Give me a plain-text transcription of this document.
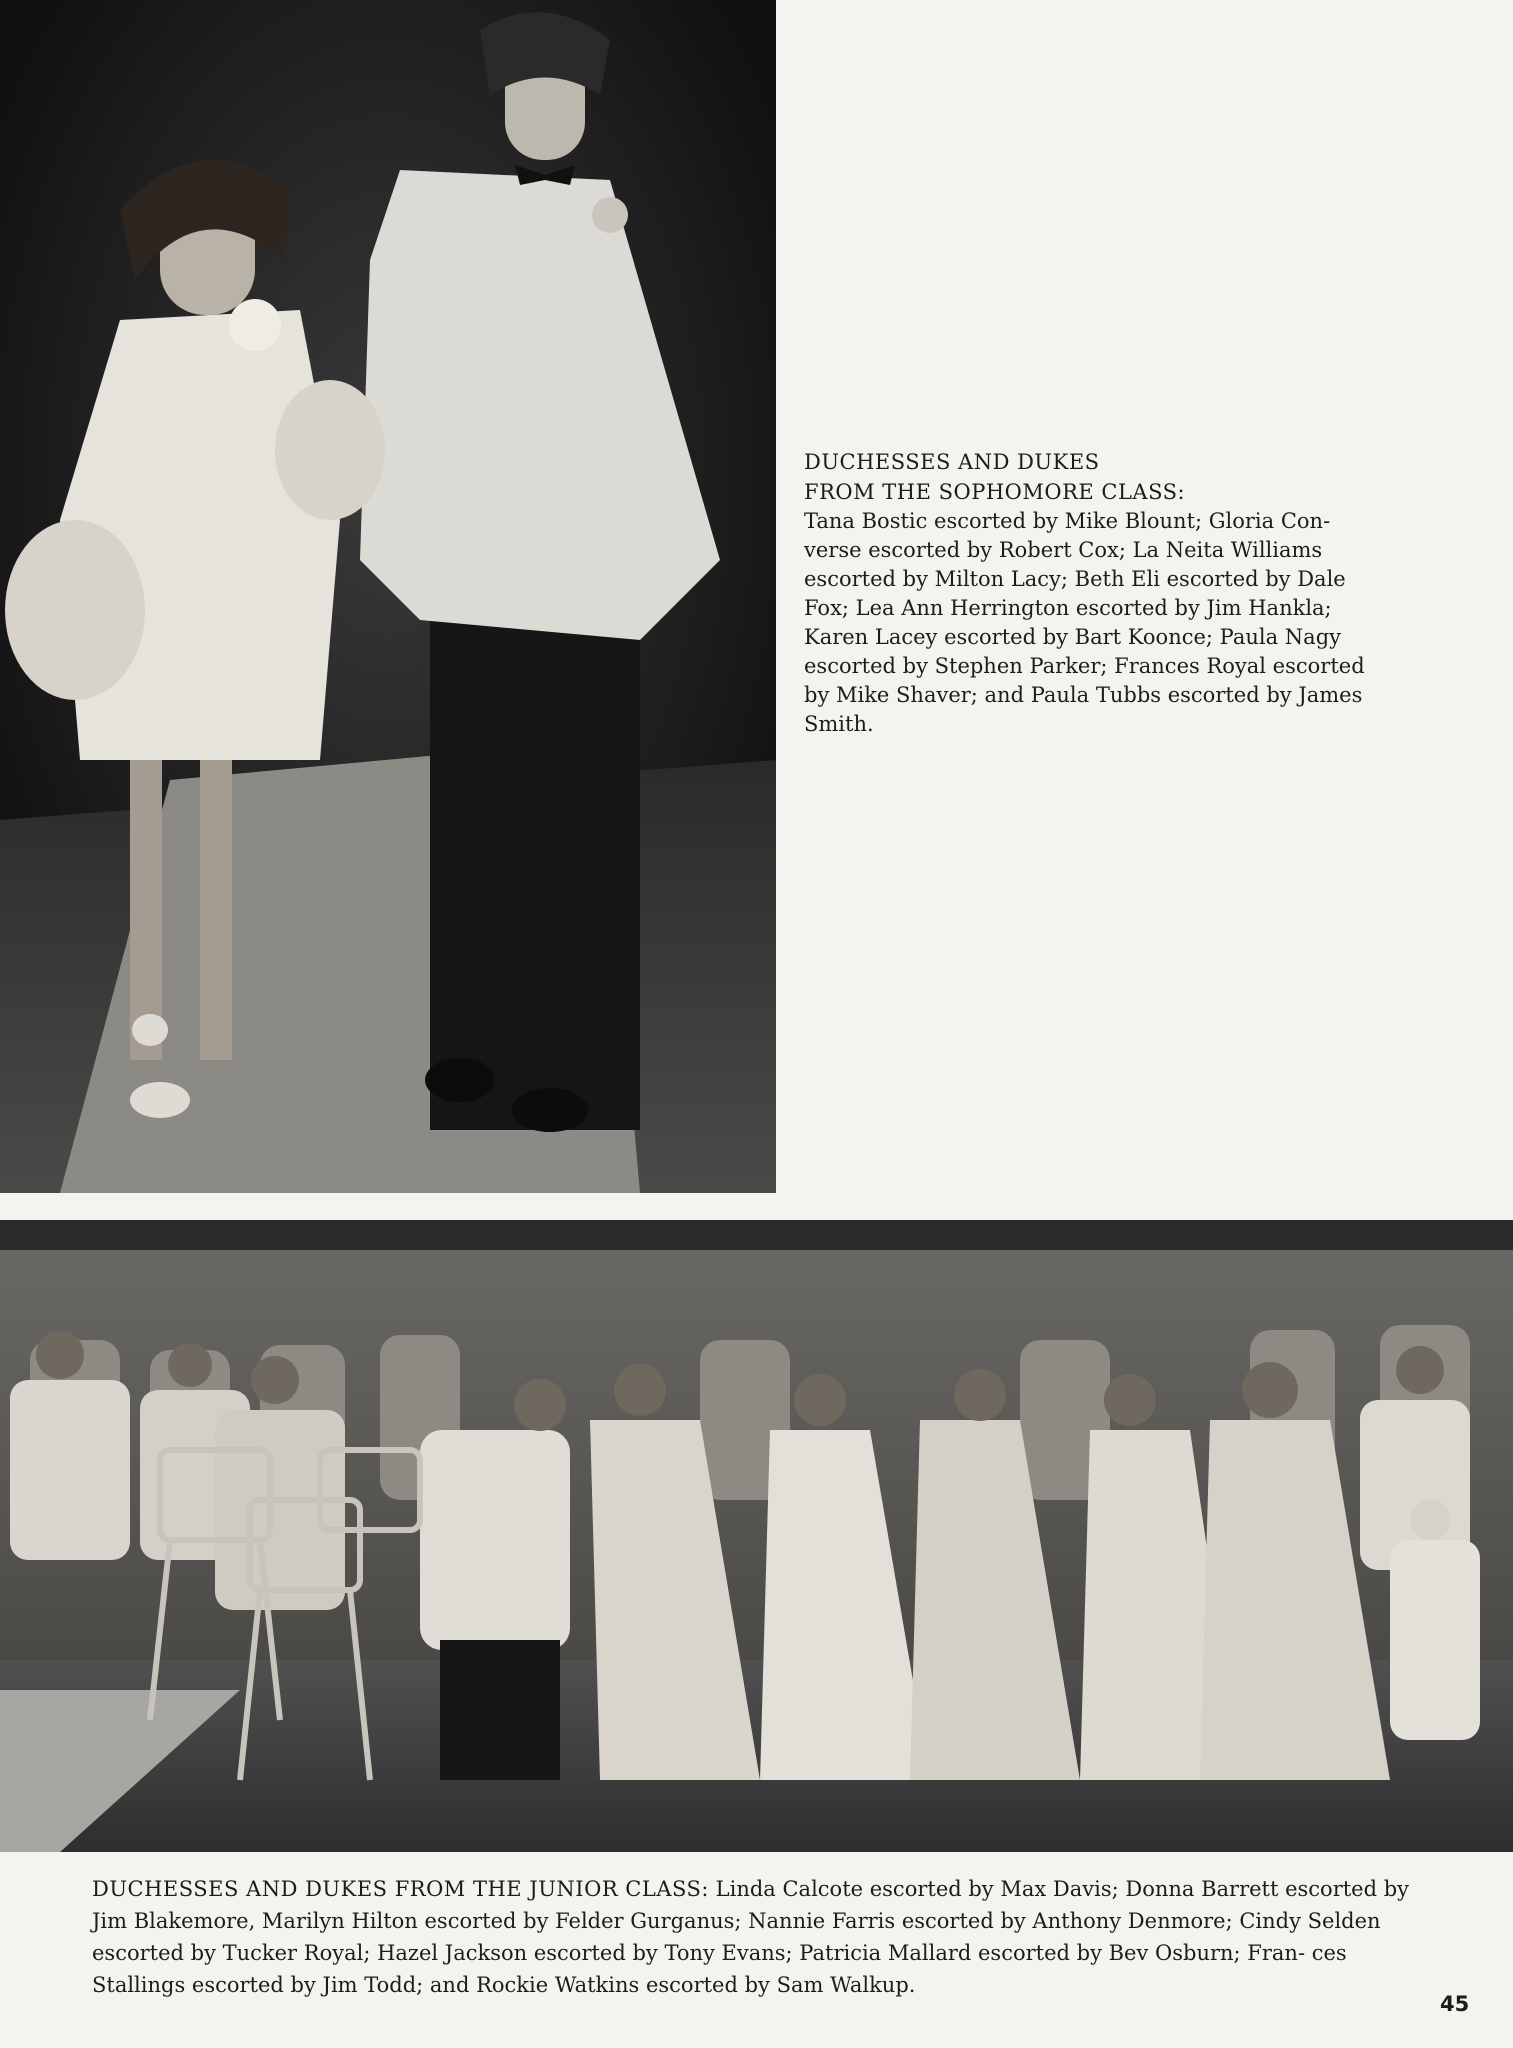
DUCHESSES AND DUKES

FROM THE SOPHOMORE CLASS:

Tana Bostic escorted by Mike Blount; Gloria Con- verse escorted by Robert Cox; La Neita Williams escorted by Milton Lacy; Beth Eli escorted by Dale Fox; Lea Ann Herrington escorted by Jim Hankla; Karen Lacey escorted by Bart Koonce; Paula Nagy escorted by Stephen Parker; Frances Royal escorted by Mike Shaver; and Paula Tubbs escorted by James Smith.

DUCHESSES AND DUKES FROM THE JUNIOR CLASS: Linda Calcote escorted by Max Davis; Donna Barrett escorted by Jim Blakemore, Marilyn Hilton escorted by Felder Gurganus; Nannie Farris escorted by Anthony Denmore; Cindy Selden escorted by Tucker Royal; Hazel Jackson escorted by Tony Evans; Patricia Mallard escorted by Bev Osburn; Fran- ces Stallings escorted by Jim Todd; and Rockie Watkins escorted by Sam Walkup.
45
